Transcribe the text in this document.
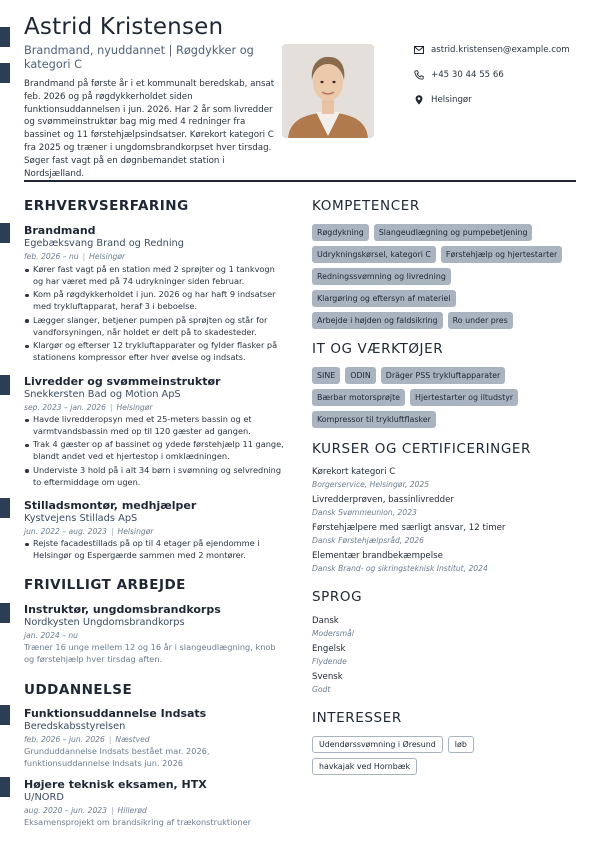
Astrid Kristensen
Brandmand, nyuddannet | Røgdykker og kategori C
Brandmand på første år i et kommunalt beredskab, ansat feb. 2026 og på røgdykkerholdet siden funktionsuddannelsen i jun. 2026. Har 2 år som livredder og svømmeinstruktør bag mig med 4 redninger fra bassinet og 11 førstehjælpsindsatser. Kørekort kategori C fra 2025 og træner i ungdomsbrandkorpset hver tirsdag. Søger fast vagt på en døgnbemandet station i Nordsjælland.
astrid.kristensen@example.com
+45 30 44 55 66
Helsingør
ERHVERVSERFARING
Brandmand
Egebæksvang Brand og Redning
feb. 2026 – nu | Helsingør
Kører fast vagt på en station med 2 sprøjter og 1 tankvogn og har været med på 74 udrykninger siden februar.
Kom på røgdykkerholdet i jun. 2026 og har haft 9 indsatser med trykluftapparat, heraf 3 i beboelse.
Lægger slanger, betjener pumpen på sprøjten og står for vandforsyningen, når holdet er delt på to skadesteder.
Klargør og efterser 12 trykluftapparater og fylder flasker på stationens kompressor efter hver øvelse og indsats.
Livredder og svømmeinstruktør
Snekkersten Bad og Motion ApS
sep. 2023 – jan. 2026 | Helsingør
Havde livredderopsyn med et 25-meters bassin og et varmtvandsbassin med op til 120 gæster ad gangen.
Trak 4 gæster op af bassinet og ydede førstehjælp 11 gange, blandt andet ved et hjertestop i omklædningen.
Underviste 3 hold på i alt 34 børn i svømning og selvredning to eftermiddage om ugen.
Stilladsmontør, medhjælper
Kystvejens Stillads ApS
jun. 2022 – aug. 2023 | Helsingør
Rejste facadestillads på op til 4 etager på ejendomme i Helsingør og Espergærde sammen med 2 montører.
FRIVILLIGT ARBEJDE
Instruktør, ungdomsbrandkorps
Nordkysten Ungdomsbrandkorps
jan. 2024 – nu
Træner 16 unge mellem 12 og 16 år i slangeudlægning, knob og førstehjælp hver tirsdag aften.
UDDANNELSE
Funktionsuddannelse Indsats
Beredskabsstyrelsen
feb. 2026 – jun. 2026 | Næstved
Grunduddannelse Indsats bestået mar. 2026, funktionsuddannelse Indsats jun. 2026
Højere teknisk eksamen, HTX
U/NORD
aug. 2020 – jun. 2023 | Hillerød
Eksamensprojekt om brandsikring af trækonstruktioner
KOMPETENCER
Røgdykning	Slangeudlægning og pumpebetjening
Udrykningskørsel, kategori C	Førstehjælp og hjertestarter
Redningssvømning og livredning
Klargøring og eftersyn af materiel
Arbejde i højden og faldsikring	Ro under pres
IT OG VÆRKTØJER
SINE	ODIN	Dräger PSS trykluftapparater
Bærbar motorsprøjte	Hjertestarter og iltudstyr
Kompressor til trykluftflasker
KURSER OG CERTIFICERINGER
Kørekort kategori C
Borgerservice, Helsingør, 2025
Livredderprøven, bassinlivredder
Dansk Svømmeunion, 2023
Førstehjælpere med særligt ansvar, 12 timer
Dansk Førstehjælpsråd, 2026
Elementær brandbekæmpelse
Dansk Brand- og sikringsteknisk Institut, 2024
SPROG
Dansk
Modersmål
Engelsk
Flydende
Svensk
Godt
INTERESSER
Udendørssvømning i Øresund	løb
havkajak ved Hornbæk
